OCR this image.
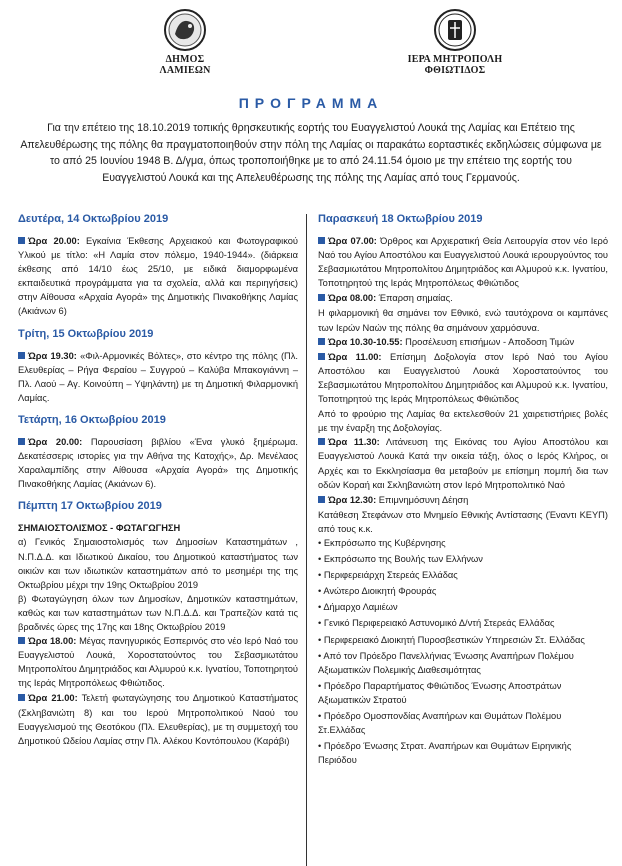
ΔΗΜΟΣ ΛΑΜΙΕΩΝ
ΙΕΡΑ ΜΗΤΡΟΠΟΛΗ
ΦΘΙΩΤΙΔΟΣ
ΠΡΟΓΡΑΜΜΑ
Για την επέτειο της 18.10.2019 τοπικής θρησκευτικής εορτής του Ευαγγελιστού Λουκά της Λαμίας και Επέτειο της Απελευθέρωσης της πόλης θα πραγματοποιηθούν στην πόλη της Λαμίας οι παρακάτω εορταστικές εκδηλώσεις σύμφωνα με το από 25 Ιουνίου 1948 Β. Δ/γμα, όπως τροποποιήθηκε με το από 24.11.54 όμοιο με την επέτειο της εορτής του Ευαγγελιστού Λουκά και της Απελευθέρωσης της πόλης της Λαμίας από τους Γερμανούς.
Δευτέρα, 14 Οκτωβρίου 2019

Ώρα 20.00: Εγκαίνια Έκθεσης Αρχειακού και Φωτογραφικού Υλικού με τίτλο: «Η Λαμία στον πόλεμο, 1940-1944». (διάρκεια έκθεσης από 14/10 έως 25/10, με ειδικά διαμορφωμένα εκπαιδευτικά προγράμματα για τα σχολεία, αλλά και περιηγήσεις) στην Αίθουσα «Αρχαία Αγορά» της Δημοτικής Πινακοθήκης Λαμίας (Ακιάνων 6)

Τρίτη, 15 Οκτωβρίου 2019

Ώρα 19.30: «Φιλ-Αρμονικές Βόλτες», στο κέντρο της πόλης (Πλ. Ελευθερίας – Ρήγα Φεραίου – Συγγρού – Καλύβα Μπακογιάννη – Πλ. Λαού – Αγ. Κοινούπη – Υψηλάντη) με τη Δημοτική Φιλαρμονική Λαμίας.

Τετάρτη, 16 Οκτωβρίου 2019

Ώρα 20.00: Παρουσίαση βιβλίου «Ένα γλυκό ξημέρωμα. Δεκατέσσερις ιστορίες για την Αθήνα της Κατοχής», Δρ. Μενέλαος Χαραλαμπίδης στην Αίθουσα «Αρχαία Αγορά» της Δημοτικής Πινακοθήκης Λαμίας (Ακιάνων 6).

Πέμπτη 17 Οκτωβρίου 2019

ΣΗΜΑΙΟΣΤΟΛΙΣΜΟΣ - ΦΩΤΑΓΩΓΗΣΗ

α) Γενικός Σημαιοστολισμός των Δημοσίων Καταστημάτων , Ν.Π.Δ.Δ. και Ιδιωτικού Δικαίου, του Δημοτικού καταστήματος των οικιών και των ιδιωτικών καταστημάτων από το μεσημέρι της της Οκτωβρίου μέχρι την 19ης Οκτωβρίου 2019

β) Φωταγώγηση όλων των Δημοσίων, Δημοτικών καταστημάτων, καθώς και των καταστημάτων των Ν.Π.Δ.Δ. και Τραπεζών κατά τις βραδινές ώρες της 17ης και 18ης Οκτωβρίου 2019

Ώρα 18.00: Μέγας πανηγυρικός Εσπερινός στο νέο Ιερό Ναό του Ευαγγελιστού Λουκά, Χοροστατούντος του Σεβασμιωτάτου Μητροπολίτου Δημητριάδος και Αλμυρού κ.κ. Ιγνατίου, Τοποτηρητού της Ιεράς Μητροπόλεως Φθιώτιδος.

Ώρα 21.00: Τελετή φωταγώγησης του Δημοτικού Καταστήματος (Σκληβανιώτη 8) και του Ιερού Μητροπολιτικού Ναού του Ευαγγελισμού της Θεοτόκου (Πλ. Ελευθερίας), με τη συμμετοχή του Δημοτικού Ωδείου Λαμίας στην Πλ. Αλέκου Κοντόπουλου (Καράβι)

Παρασκευή 18 Οκτωβρίου 2019

Ώρα 07.00: Όρθρος και Αρχιερατική Θεία Λειτουργία στον νέο Ιερό Ναό του Αγίου Αποστόλου και Ευαγγελιστού Λουκά ιερουργούντος του Σεβασμιωτάτου Μητροπολίτου Δημητριάδος και Αλμυρού κ.κ. Ιγνατίου, Τοποτηρητού της Ιεράς Μητροπόλεως Φθιώτιδος

Ώρα 08.00: Έπαρση σημαίας.

Η φιλαρμονική θα σημάνει τον Εθνικό, ενώ ταυτόχρονα οι καμπάνες των Ιερών Ναών της πόλης θα σημάνουν χαρμόσυνα.

Ώρα 10.30-10.55: Προσέλευση επισήμων - Αποδοση Τιμών

Ώρα 11.00: Επίσημη Δοξολογία στον Ιερό Ναό του Αγίου Αποστόλου και Ευαγγελιστού Λουκά Χοροστατούντος του Σεβασμιωτάτου Μητροπολίτου Δημητριάδος και Αλμυρού κ.κ. Ιγνατίου, Τοποτηρητού της Ιεράς Μητροπόλεως Φθιώτιδος

Από το φρούριο της Λαμίας θα εκτελεσθούν 21 χαιρετιστήριες βολές με την έναρξη της Δοξολογίας.

Ώρα 11.30: Λιτάνευση της Εικόνας του Αγίου Αποστόλου και Ευαγγελιστού Λουκά Κατά την οικεία τάξη, όλος ο Ιερός Κλήρος, οι Αρχές και το Εκκλησίασμα θα μεταβούν με επίσημη πομπή δια των οδών Κοραή και Σκληβανιώτη στον Ιερό Μητροπολιτικό Ναό

Ώρα 12.30: Επιμνημόσυνη Δέηση

Κατάθεση Στεφάνων στο Μνημείο Εθνικής Αντίστασης (Έναντι ΚΕΥΠ) από τους κ.κ.

• Εκπρόσωπο της Κυβέρνησης

• Εκπρόσωπο της Βουλής των Ελλήνων

• Περιφερειάρχη Στερεάς Ελλάδας

• Ανώτερο Διοικητή Φρουράς

• Δήμαρχο Λαμιέων

• Γενικό Περιφερειακό Αστυνομικό Δ/ντή Στερεάς Ελλάδας

• Περιφερειακό Διοικητή Πυροσβεστικών Υπηρεσιών Στ. Ελλάδας

• Από τον Πρόεδρο Πανελλήνιας Ένωσης Αναπήρων Πολέμου Αξιωματικών Πολεμικής Διαθεσιμότητας

• Πρόεδρο Παραρτήματος Φθιώτιδος Ένωσης Αποστράτων Αξιωματικών Στρατού

• Πρόεδρο Ομοσπονδίας Αναπήρων και Θυμάτων Πολέμου Στ.Ελλάδας

• Πρόεδρο Ένωσης Στρατ. Αναπήρων και Θυμάτων Ειρηνικής Περιόδου
